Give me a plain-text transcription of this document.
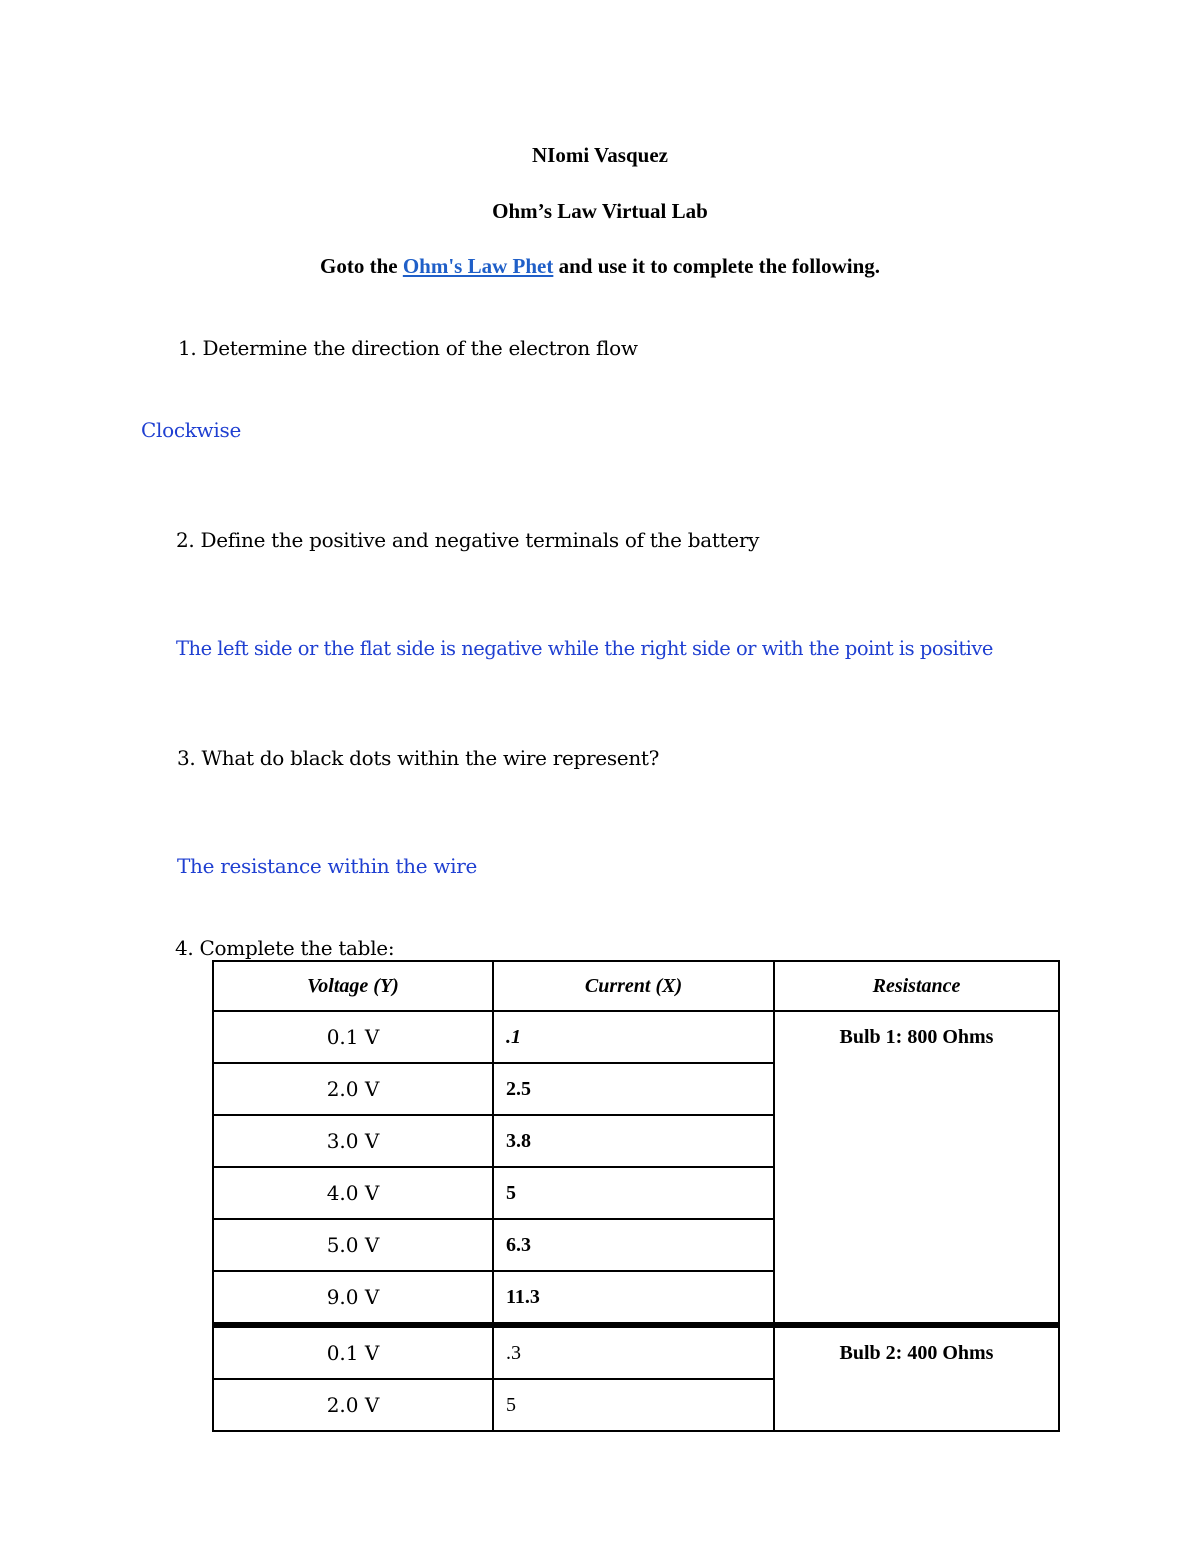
NIomi Vasquez
Ohm’s Law Virtual Lab
Goto the Ohm's Law Phet and use it to complete the following.
1. Determine the direction of the electron flow
Clockwise
2. Define the positive and negative terminals of the battery
The left side or the flat side is negative while the right side or with the point is positive
3. What do black dots within the wire represent?
The resistance within the wire
4. Complete the table:
Voltage (Y)	Current (X)	Resistance
0.1 V	.1	Bulb 1: 800 Ohms
2.0 V	2.5	
3.0 V	3.8	
4.0 V	5	
5.0 V	6.3	
9.0 V	11.3	
0.1 V	.3	Bulb 2: 400 Ohms
2.0 V	5	
